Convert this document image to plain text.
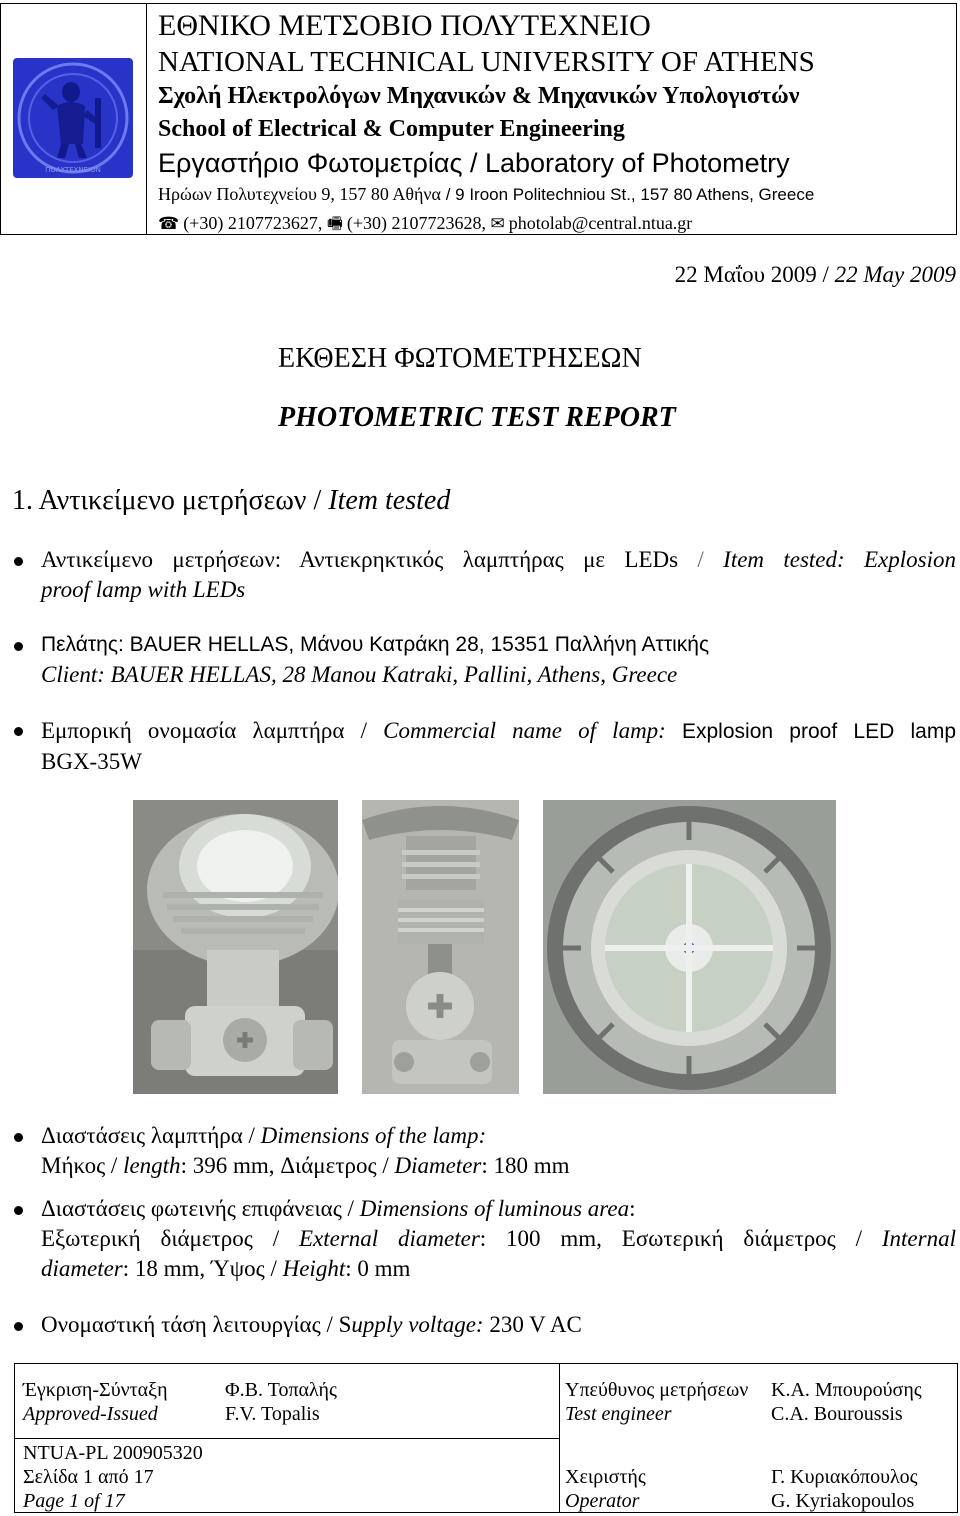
ΠΟΛΥΤΕΧΝΕΙΟΝ
ΕΘΝΙΚΟ ΜΕΤΣΟΒΙΟ ΠΟΛΥΤΕΧΝΕΙΟ
NATIONAL TECHNICAL UNIVERSITY OF ATHENS
Σχολή Ηλεκτρολόγων Μηχανικών & Μηχανικών Υπολογιστών
School of Electrical & Computer Engineering
Εργαστήριο Φωτομετρίας / Laboratory of Photometry
Ηρώων Πολυτεχνείου 9, 157 80 Αθήνα / 9 Iroon Politechniou St., 157 80 Athens, Greece
☎ (+30) 2107723627, 🖷 (+30) 2107723628, ✉ photolab@central.ntua.gr
22 Μαΐου 2009 / 22 May 2009
ΕΚΘΕΣΗ ΦΩΤΟΜΕΤΡΗΣΕΩΝ
PHOTOMETRIC TEST REPORT
1. Αντικείμενο μετρήσεων / Item tested
Αντικείμενο μετρήσεων: Αντιεκρηκτικός λαμπτήρας με LEDs / Item tested: Explosion
proof lamp with LEDs
Πελάτης: BAUER HELLAS, Μάνου Κατράκη 28, 15351 Παλλήνη Αττικής
Client: BAUER HELLAS, 28 Manou Katraki, Pallini, Athens, Greece
Εμπορική ονομασία λαμπτήρα / Commercial name of lamp: Explosion proof LED lamp
BGX-35W
Διαστάσεις λαμπτήρα / Dimensions of the lamp:
Μήκος / length: 396 mm, Διάμετρος / Diameter: 180 mm
Διαστάσεις φωτεινής επιφάνειας / Dimensions of luminous area:
Εξωτερική διάμετρος / External diameter: 100 mm, Εσωτερική διάμετρος / Internal
diameter: 18 mm, Ύψος / Height: 0 mm
Ονομαστική τάση λειτουργίας / Supply voltage: 230 V AC
Έγκριση-Σύνταξη
Approved-Issued
Φ.Β. Τοπαλής
F.V. Topalis
Υπεύθυνος μετρήσεων
Test engineer
Κ.Α. Μπουρούσης
C.A. Bouroussis
NTUA-PL 200905320
Σελίδα 1 από 17
Page 1 of 17
Χειριστής
Operator
Γ. Κυριακόπουλος
G. Kyriakopoulos
